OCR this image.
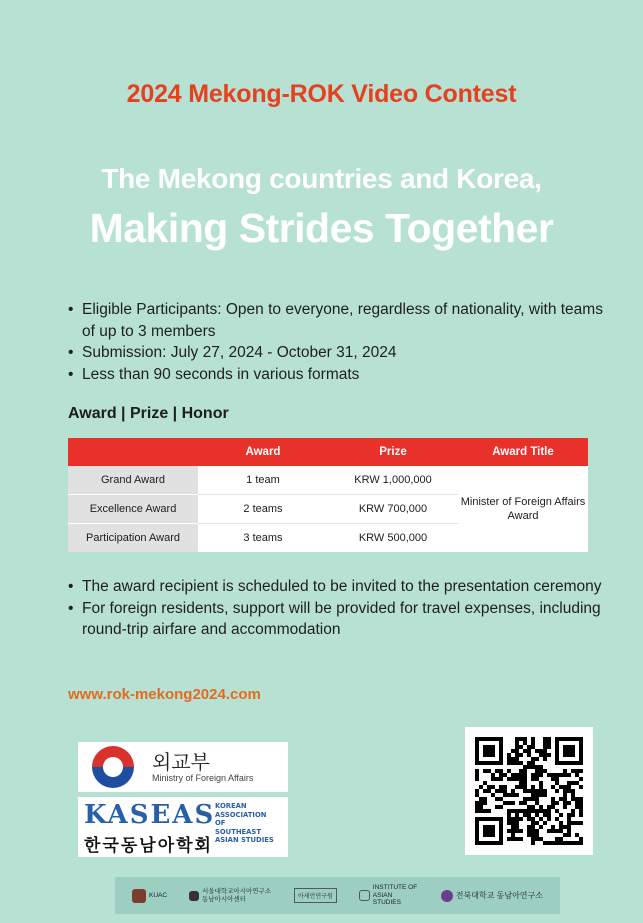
2024 Mekong-ROK Video Contest
The Mekong countries and Korea,
Making Strides Together
• Eligible Participants: Open to everyone, regardless of nationality, with teams of up to 3 members
• Submission: July 27, 2024 - October 31, 2024
• Less than 90 seconds in various formats
Award | Prize | Honor
	Award	Prize	Award Title
Grand Award	1 team	KRW 1,000,000	Minister of Foreign Affairs Award
Excellence Award	2 teams	KRW 700,000	
Participation Award	3 teams	KRW 500,000	
• The award recipient is scheduled to be invited to the presentation ceremony
• For foreign residents, support will be provided for travel expenses, including round-trip airfare and accommodation
www.rok-mekong2024.com
외교부
Ministry of Foreign Affairs
KASEAS
한국동남아학회
KOREAN
ASSOCIATION
OF
SOUTHEAST
ASIAN STUDIES
KUAC
서울대학교아시아연구소 동남아시아센터	아세안연구원
INSTITUTE OF ASIAN STUDIES
전북대학교 동남아연구소
